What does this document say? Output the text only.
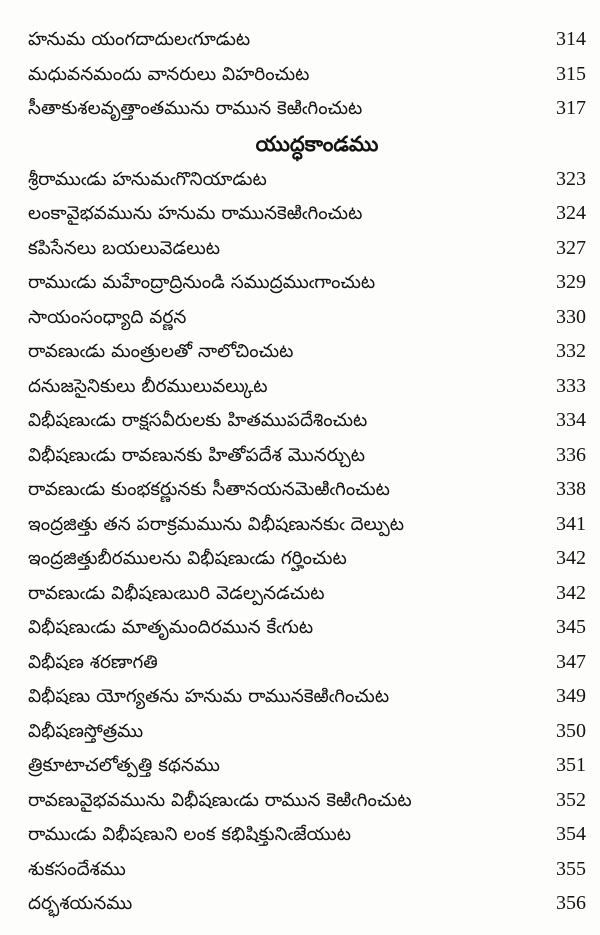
హనుమ యంగదాదులఁగూడుట	314
మధువనమందు వానరులు విహరించుట	315
సీతాకుశలవృత్తాంతమును రామున కెఱిఁగించుట	317
యుద్ధకాండము
శ్రీరాముఁడు హనుమఁగొనియాడుట	323
లంకావైభవమును హనుమ రామునకెఱిఁగించుట	324
కపిసేనలు బయలువెడలుట	327
రాముఁడు మహేంద్రాద్రినుండి సముద్రముఁగాంచుట	329
సాయంసంధ్యాది వర్ణన	330
రావణుఁడు మంత్రులతో నాలోచించుట	332
దనుజసైనికులు బీరములువల్కుట	333
విభీషణుఁడు రాక్షసవీరులకు హితముపదేశించుట	334
విభీషణుఁడు రావణునకు హితోపదేశ మొనర్చుట	336
రావణుఁడు కుంభకర్ణునకు సీతానయనమెఱిఁగించుట	338
ఇంద్రజిత్తు తన పరాక్రమమును విభీషణునకుఁ దెల్పుట	341
ఇంద్రజిత్తుబీరములను విభీషణుఁడు గర్హించుట	342
రావణుఁడు విభీషణుఁబురి వెడల్పనడచుట	342
విభీషణుఁడు మాతృమందిరమున కేఁగుట	345
విభీషణ శరణాగతి	347
విభీషణు యోగ్యతను హనుమ రామునకెఱిఁగించుట	349
విభీషణస్తోత్రము	350
త్రికూటాచలోత్పత్తి కథనము	351
రావణువైభవమును విభీషణుఁడు రామున కెఱిఁగించుట	352
రాముఁడు విభీషణుని లంక కభిషిక్తునిఁజేయుట	354
శుకసందేశము	355
దర్భశయనము	356
